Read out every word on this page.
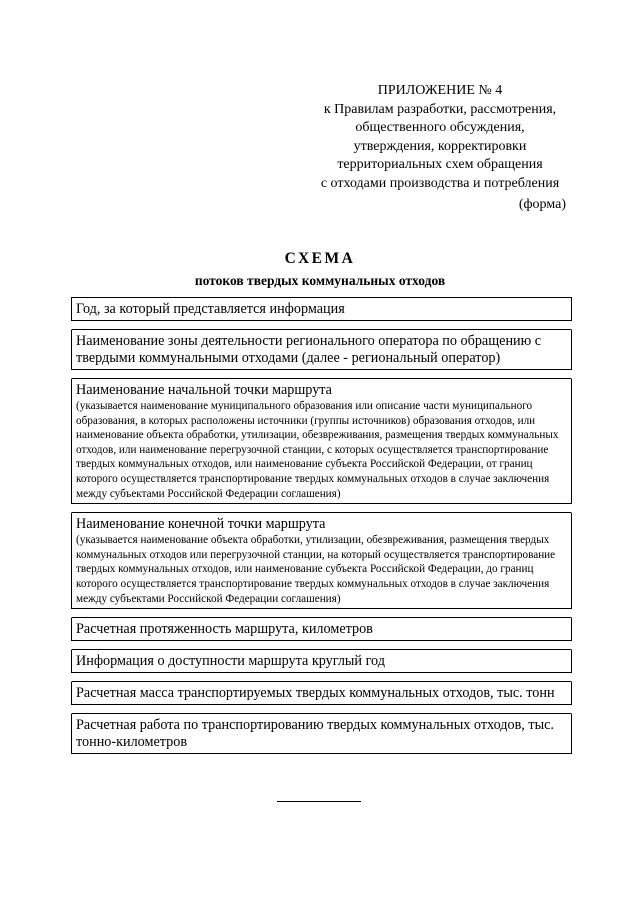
ПРИЛОЖЕНИЕ № 4
к Правилам разработки, рассмотрения,
общественного обсуждения,
утверждения, корректировки
территориальных схем обращения
с отходами производства и потребления
(форма)
СХЕМА
потоков твердых коммунальных отходов
Год, за который представляется информация
Наименование зоны деятельности регионального оператора по обращению с твердыми коммунальными отходами (далее - региональный оператор)
Наименование начальной точки маршрута
(указывается наименование муниципального образования или описание части муниципального образования, в которых расположены источники (группы источников) образования отходов, или наименование объекта обработки, утилизации, обезвреживания, размещения твердых коммунальных отходов, или наименование перегрузочной станции, с которых осуществляется транспортирование твердых коммунальных отходов, или наименование субъекта Российской Федерации, от границ которого осуществляется транспортирование твердых коммунальных отходов в случае заключения между субъектами Российской Федерации соглашения)
Наименование конечной точки маршрута
(указывается наименование объекта обработки, утилизации, обезвреживания, размещения твердых коммунальных отходов или перегрузочной станции, на который осуществляется транспортирование твердых коммунальных отходов, или наименование субъекта Российской Федерации, до границ которого осуществляется транспортирование твердых коммунальных отходов в случае заключения между субъектами Российской Федерации соглашения)
Расчетная протяженность маршрута, километров
Информация о доступности маршрута круглый год
Расчетная масса транспортируемых твердых коммунальных отходов, тыс. тонн
Расчетная работа по транспортированию твердых коммунальных отходов, тыс. тонно-километров
